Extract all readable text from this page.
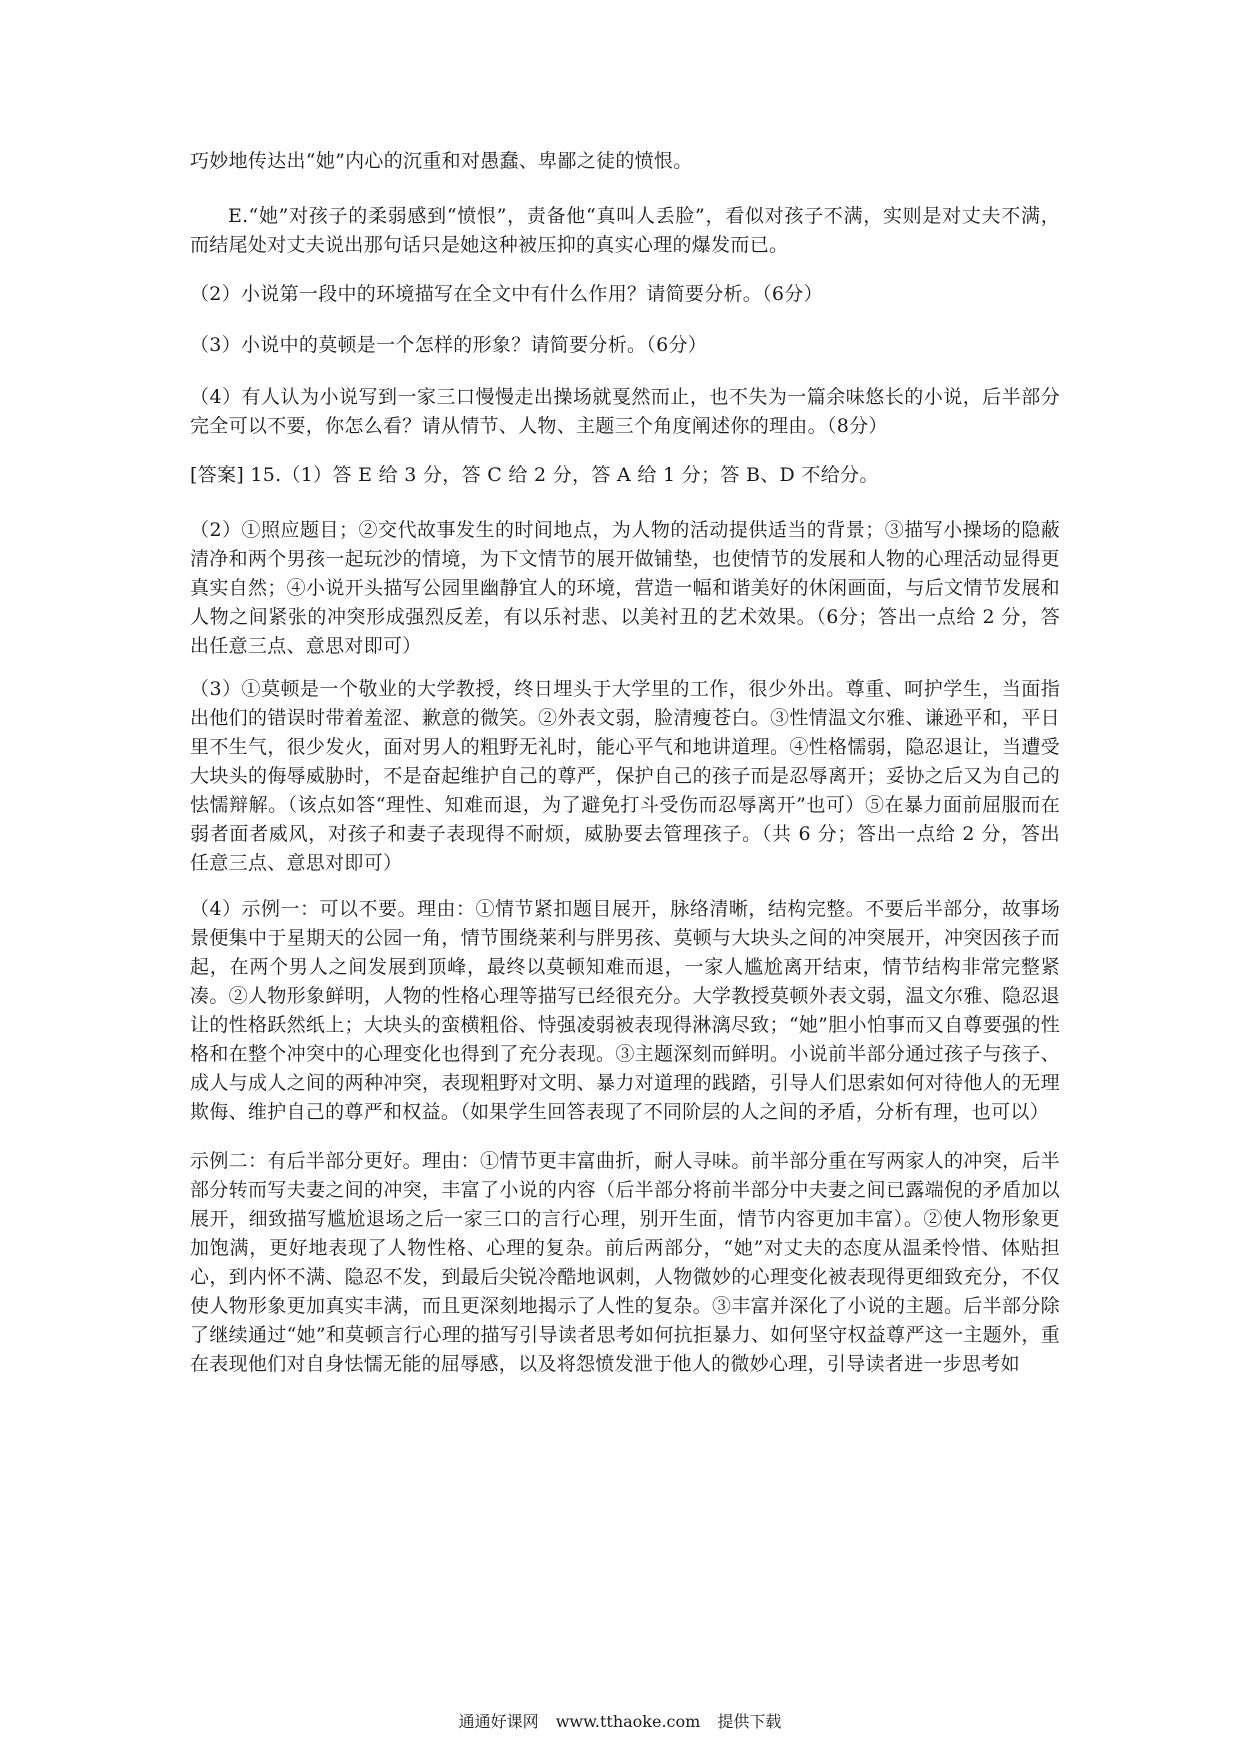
巧妙地传达出“她”内心的沉重和对愚蠢、卑鄙之徒的愤恨。

E.“她”对孩子的柔弱感到“愤恨”，责备他“真叫人丢脸”，看似对孩子不满，实则是对丈夫不满，而结尾处对丈夫说出那句话只是她这种被压抑的真实心理的爆发而已。

（2）小说第一段中的环境描写在全文中有什么作用？请简要分析。（6分）

（3）小说中的莫顿是一个怎样的形象？请简要分析。（6分）

（4）有人认为小说写到一家三口慢慢走出操场就戛然而止，也不失为一篇余味悠长的小说，后半部分完全可以不要，你怎么看？请从情节、人物、主题三个角度阐述你的理由。（8分）

[答案] 15.（1）答 E 给 3 分，答 C 给 2 分，答 A 给 1 分；答 B、D 不给分。

（2）①照应题目；②交代故事发生的时间地点，为人物的活动提供适当的背景；③描写小操场的隐蔽清净和两个男孩一起玩沙的情境，为下文情节的展开做铺垫，也使情节的发展和人物的心理活动显得更真实自然；④小说开头描写公园里幽静宜人的环境，营造一幅和谐美好的休闲画面，与后文情节发展和人物之间紧张的冲突形成强烈反差，有以乐衬悲、以美衬丑的艺术效果。（6分；答出一点给 2 分，答出任意三点、意思对即可）

（3）①莫顿是一个敬业的大学教授，终日埋头于大学里的工作，很少外出。尊重、呵护学生，当面指出他们的错误时带着羞涩、歉意的微笑。②外表文弱，脸清瘦苍白。③性情温文尔雅、谦逊平和，平日里不生气，很少发火，面对男人的粗野无礼时，能心平气和地讲道理。④性格懦弱，隐忍退让，当遭受大块头的侮辱威胁时，不是奋起维护自己的尊严，保护自己的孩子而是忍辱离开；妥协之后又为自己的怯懦辩解。（该点如答“理性、知难而退，为了避免打斗受伤而忍辱离开”也可）⑤在暴力面前屈服而在弱者面者威风，对孩子和妻子表现得不耐烦，威胁要去管理孩子。（共 6 分；答出一点给 2 分，答出任意三点、意思对即可）

（4）示例一：可以不要。理由：①情节紧扣题目展开，脉络清晰，结构完整。不要后半部分，故事场景便集中于星期天的公园一角，情节围绕莱利与胖男孩、莫顿与大块头之间的冲突展开，冲突因孩子而起，在两个男人之间发展到顶峰，最终以莫顿知难而退，一家人尴尬离开结束，情节结构非常完整紧凑。②人物形象鲜明，人物的性格心理等描写已经很充分。大学教授莫顿外表文弱，温文尔雅、隐忍退让的性格跃然纸上；大块头的蛮横粗俗、恃强凌弱被表现得淋漓尽致；“她”胆小怕事而又自尊要强的性格和在整个冲突中的心理变化也得到了充分表现。③主题深刻而鲜明。小说前半部分通过孩子与孩子、成人与成人之间的两种冲突，表现粗野对文明、暴力对道理的践踏，引导人们思索如何对待他人的无理欺侮、维护自己的尊严和权益。（如果学生回答表现了不同阶层的人之间的矛盾，分析有理，也可以）

示例二：有后半部分更好。理由：①情节更丰富曲折，耐人寻味。前半部分重在写两家人的冲突，后半部分转而写夫妻之间的冲突，丰富了小说的内容（后半部分将前半部分中夫妻之间已露端倪的矛盾加以展开，细致描写尴尬退场之后一家三口的言行心理，别开生面，情节内容更加丰富）。②使人物形象更加饱满，更好地表现了人物性格、心理的复杂。前后两部分，“她”对丈夫的态度从温柔怜惜、体贴担心，到内怀不满、隐忍不发，到最后尖锐冷酷地讽刺，人物微妙的心理变化被表现得更细致充分，不仅使人物形象更加真实丰满，而且更深刻地揭示了人性的复杂。③丰富并深化了小说的主题。后半部分除了继续通过“她”和莫顿言行心理的描写引导读者思考如何抗拒暴力、如何坚守权益尊严这一主题外，重在表现他们对自身怯懦无能的屈辱感，以及将怨愤发泄于他人的微妙心理，引导读者进一步思考如

通通好课网 www.tthaoke.com 提供下载
